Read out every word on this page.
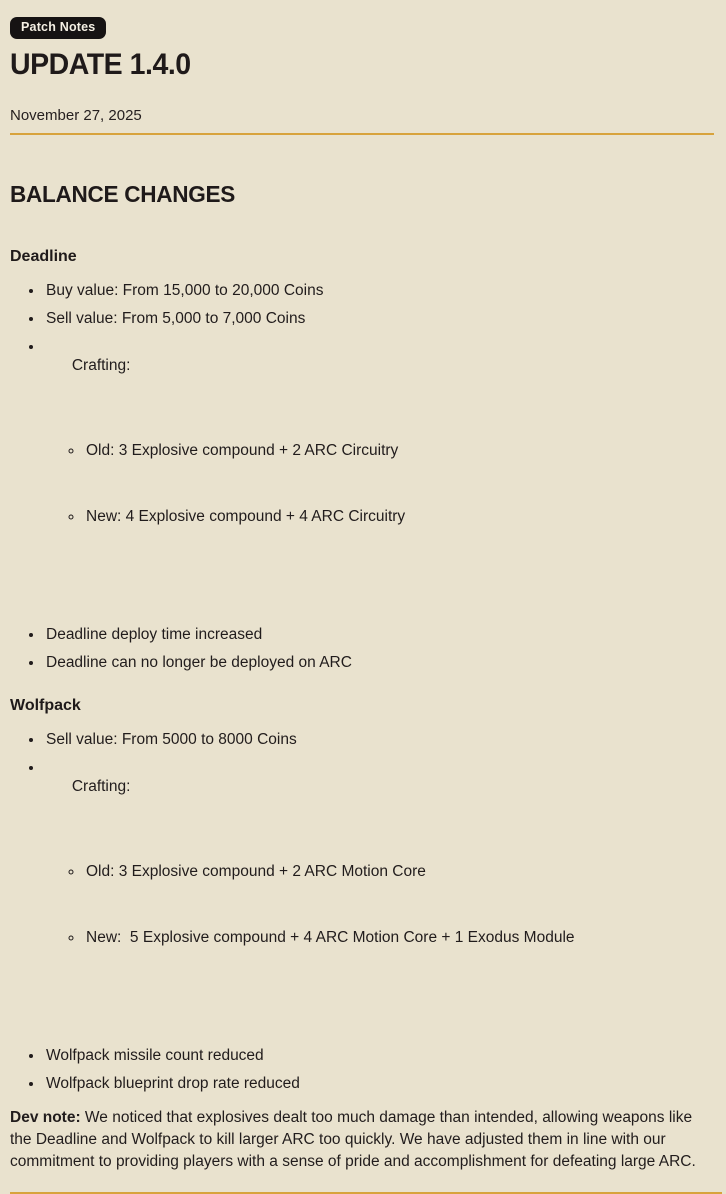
Patch Notes
UPDATE 1.4.0
November 27, 2025
BALANCE CHANGES
Deadline
• Buy value: From 15,000 to 20,000 Coins
• Sell value: From 5,000 to 7,000 Coins

• Crafting:

◦ Old: 3 Explosive compound + 2 ARC Circuitry

◦ New: 4 Explosive compound + 4 ARC Circuitry

• Deadline deploy time increased
• Deadline can no longer be deployed on ARC
Wolfpack
• Sell value: From 5000 to 8000 Coins

• Crafting:

◦ Old: 3 Explosive compound + 2 ARC Motion Core

◦ New:  5 Explosive compound + 4 ARC Motion Core + 1 Exodus Module

• Wolfpack missile count reduced
• Wolfpack blueprint drop rate reduced

Dev note: We noticed that explosives dealt too much damage than intended, allowing weapons like the Deadline and Wolfpack to kill larger ARC too quickly. We have adjusted them in line with our commitment to providing players with a sense of pride and accomplishment for defeating large ARC.
